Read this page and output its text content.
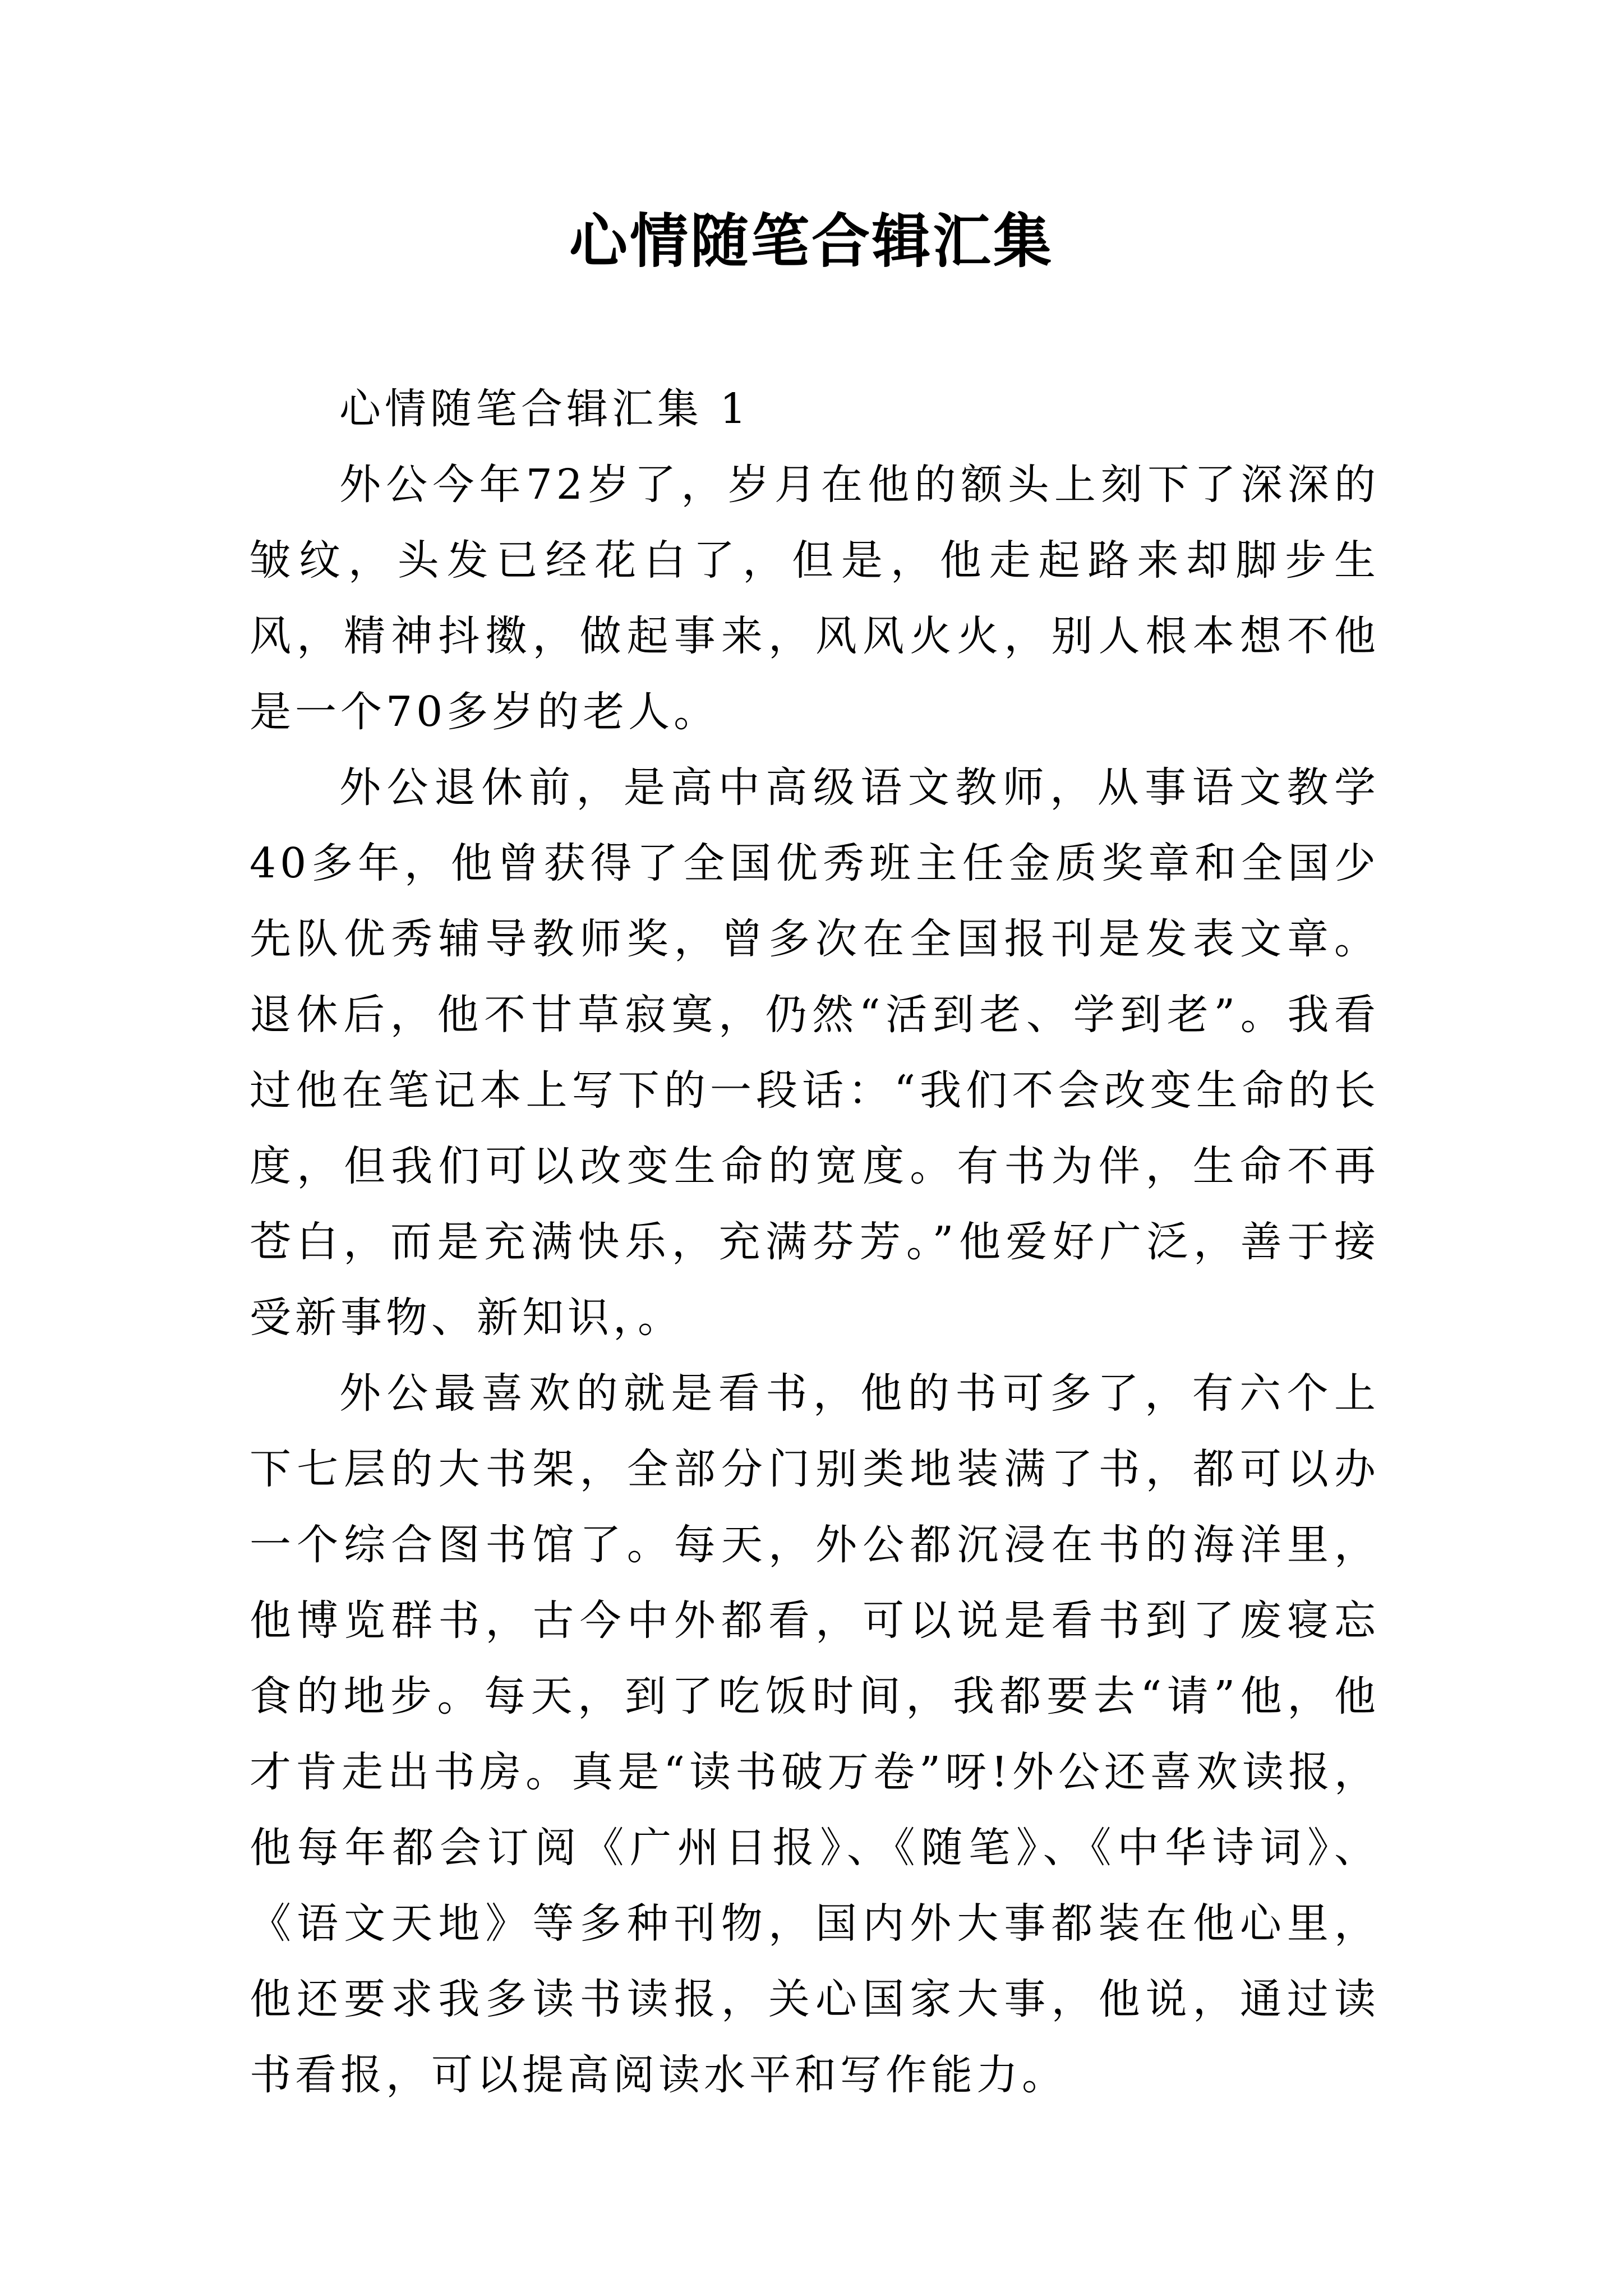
心情随笔合辑汇集

心情随笔合辑汇集 1

外公今年72岁了，岁月在他的额头上刻下了深深的皱纹，头发已经花白了，但是，他走起路来却脚步生风，精神抖擞，做起事来，风风火火，别人根本想不他是一个70多岁的老人。

外公退休前，是高中高级语文教师，从事语文教学40多年，他曾获得了全国优秀班主任金质奖章和全国少先队优秀辅导教师奖，曾多次在全国报刊是发表文章。退休后，他不甘草寂寞，仍然“活到老、学到老”。我看过他在笔记本上写下的一段话：“我们不会改变生命的长度，但我们可以改变生命的宽度。有书为伴，生命不再苍白，而是充满快乐，充满芬芳。”他爱好广泛，善于接受新事物、新知识，。

外公最喜欢的就是看书，他的书可多了，有六个上下七层的大书架，全部分门别类地装满了书，都可以办一个综合图书馆了。每天，外公都沉浸在书的海洋里，他博览群书，古今中外都看，可以说是看书到了废寝忘食的地步。每天，到了吃饭时间，我都要去“请”他，他才肯走出书房。真是“读书破万卷”呀!外公还喜欢读报，他每年都会订阅《广州日报》、《随笔》、《中华诗词》、《语文天地》等多种刊物，国内外大事都装在他心里，他还要求我多读书读报，关心国家大事，他说，通过读书看报，可以提高阅读水平和写作能力。
